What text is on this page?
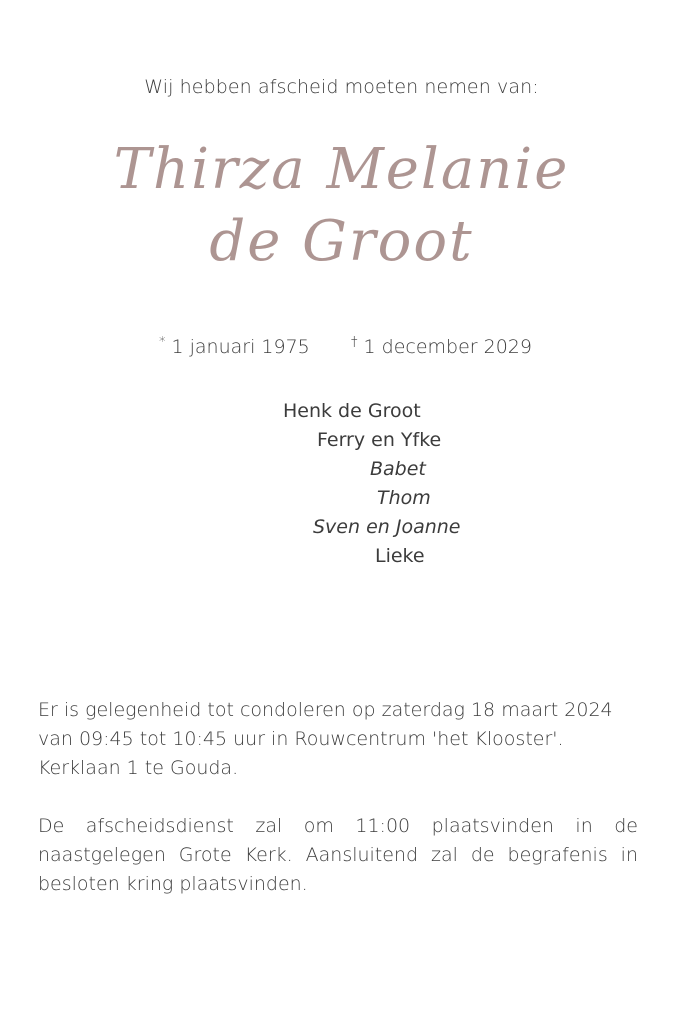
Wij hebben afscheid moeten nemen van:
Thirza Melanie
de Groot
* 1 januari 1975	† 1 december 2029
Henk de Groot
Ferry en Yfke
Babet
Thom
Sven en Joanne
Lieke
Er is gelegenheid tot condoleren op zaterdag 18 maart 2024 van 09:45 tot 10:45 uur in Rouwcentrum 'het Klooster'. Kerklaan 1 te Gouda.
De afscheidsdienst zal om 11:00 plaatsvinden in de naastgelegen Grote Kerk. Aansluitend zal de begrafenis in besloten kring plaatsvinden.
